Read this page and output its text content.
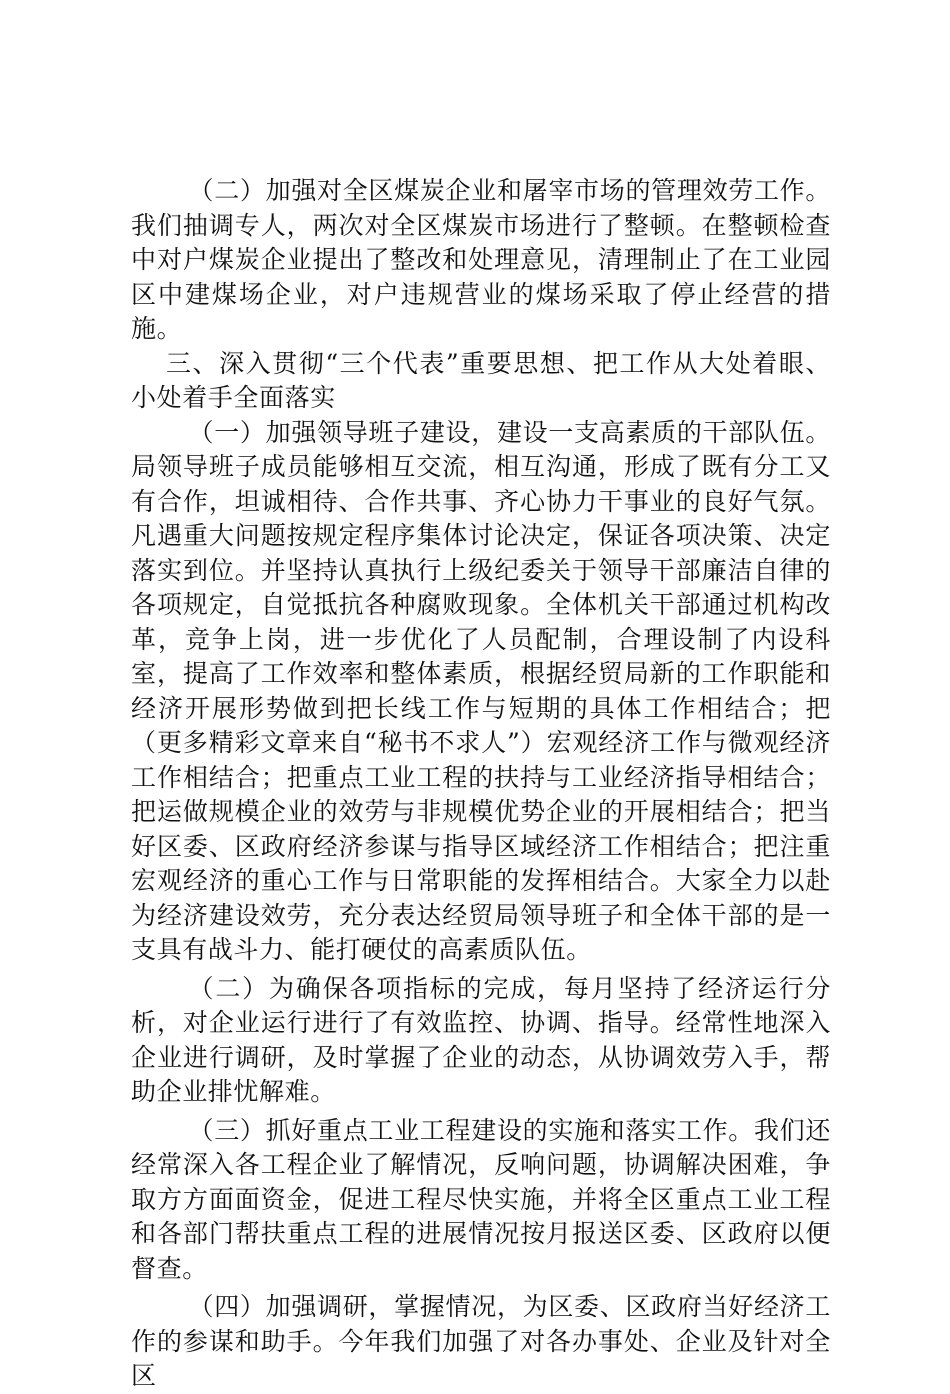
（二）加强对全区煤炭企业和屠宰市场的管理效劳工作。我们抽调专人，两次对全区煤炭市场进行了整顿。在整顿检查中对户煤炭企业提出了整改和处理意见，清理制止了在工业园区中建煤场企业，对户违规营业的煤场采取了停止经营的措施。

三、深入贯彻“三个代表”重要思想、把工作从大处着眼、小处着手全面落实

（一）加强领导班子建设，建设一支高素质的干部队伍。局领导班子成员能够相互交流，相互沟通，形成了既有分工又有合作，坦诚相待、合作共事、齐心协力干事业的良好气氛。凡遇重大问题按规定程序集体讨论决定，保证各项决策、决定落实到位。并坚持认真执行上级纪委关于领导干部廉洁自律的各项规定，自觉抵抗各种腐败现象。全体机关干部通过机构改革，竞争上岗，进一步优化了人员配制，合理设制了内设科室，提高了工作效率和整体素质，根据经贸局新的工作职能和经济开展形势做到把长线工作与短期的具体工作相结合；把（更多精彩文章来自“秘书不求人”）宏观经济工作与微观经济工作相结合；把重点工业工程的扶持与工业经济指导相结合；把运做规模企业的效劳与非规模优势企业的开展相结合；把当好区委、区政府经济参谋与指导区域经济工作相结合；把注重宏观经济的重心工作与日常职能的发挥相结合。大家全力以赴为经济建设效劳，充分表达经贸局领导班子和全体干部的是一支具有战斗力、能打硬仗的高素质队伍。

（二）为确保各项指标的完成，每月坚持了经济运行分析，对企业运行进行了有效监控、协调、指导。经常性地深入企业进行调研，及时掌握了企业的动态，从协调效劳入手，帮助企业排忧解难。

（三）抓好重点工业工程建设的实施和落实工作。我们还经常深入各工程企业了解情况，反响问题，协调解决困难，争取方方面面资金，促进工程尽快实施，并将全区重点工业工程和各部门帮扶重点工程的进展情况按月报送区委、区政府以便督查。

（四）加强调研，掌握情况，为区委、区政府当好经济工作的参谋和助手。今年我们加强了对各办事处、企业及针对全区
